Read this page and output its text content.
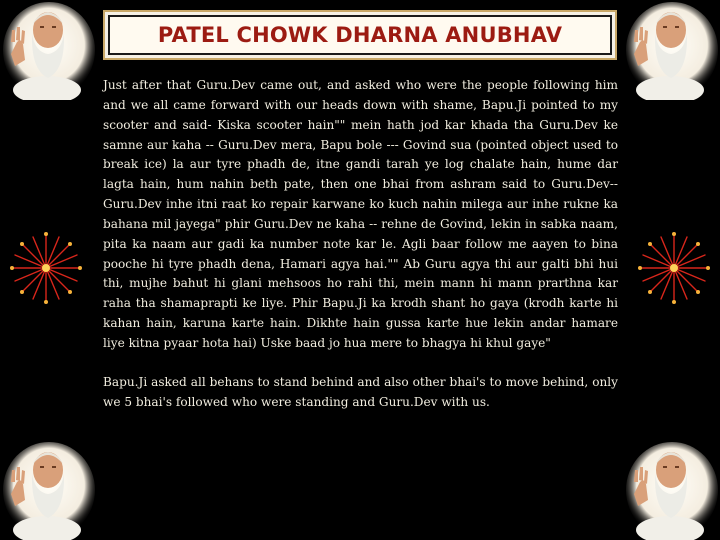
PATEL CHOWK DHARNA ANUBHAV

Just after that Guru.Dev came out, and asked who were the people following him and we all came forward with our heads down with shame, Bapu.Ji pointed to my scooter and said- Kiska scooter hain"" mein hath jod kar khada tha Guru.Dev ke samne aur kaha -- Guru.Dev mera, Bapu bole --- Govind sua (pointed object used to break ice) la aur tyre phadh de, itne gandi tarah ye log chalate hain, hume dar lagta hain, hum nahin beth pate, then one bhai from ashram said to Guru.Dev-- Guru.Dev inhe itni raat ko repair karwane ko kuch nahin milega aur inhe rukne ka bahana mil jayega" phir Guru.Dev ne kaha -- rehne de Govind, lekin in sabka naam, pita ka naam aur gadi ka number note kar le. Agli baar follow me aayen to bina pooche hi tyre phadh dena, Hamari agya hai."" Ab Guru agya thi aur galti bhi hui thi, mujhe bahut hi glani mehsoos ho rahi thi, mein mann hi mann prarthna kar raha tha shamaprapti ke liye. Phir Bapu.Ji ka krodh shant ho gaya (krodh karte hi kahan hain, karuna karte hain. Dikhte hain gussa karte hue lekin andar hamare liye kitna pyaar hota hai) Uske baad jo hua mere to bhagya hi khul gaye"

Bapu.Ji asked all behans to stand behind and also other bhai's to move behind, only we 5 bhai's followed who were standing and Guru.Dev with us.
